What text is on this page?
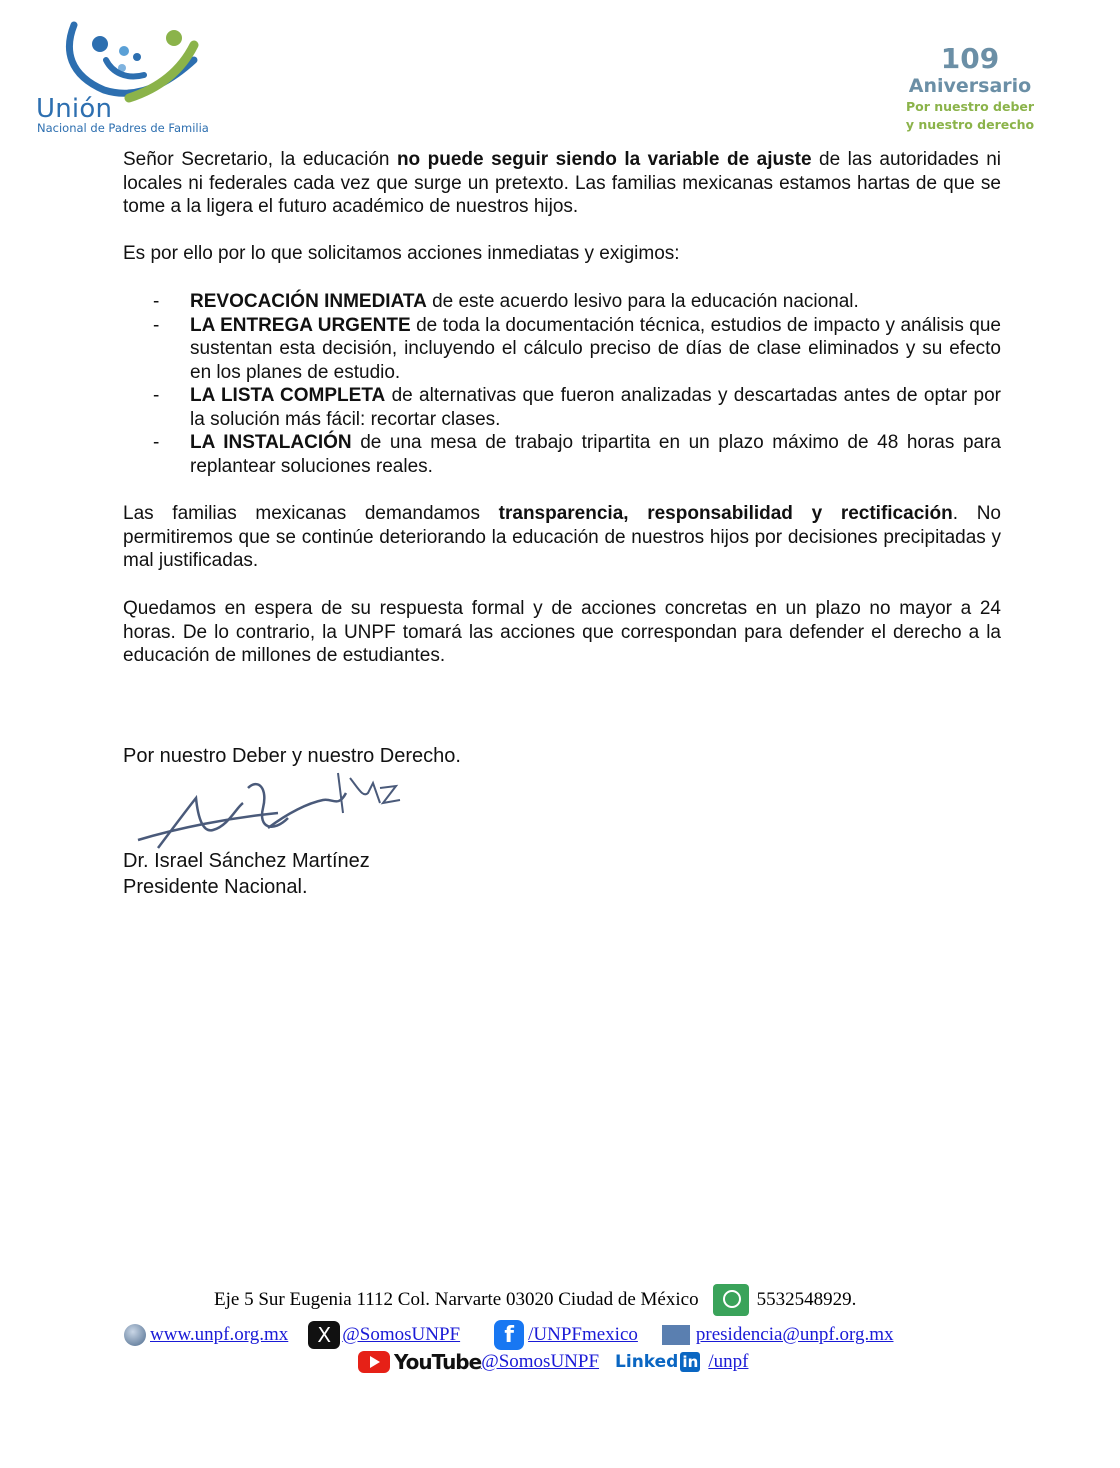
Unión
Nacional de Padres de Familia
109
Aniversario
Por nuestro deber
y nuestro derecho

Señor Secretario, la educación no puede seguir siendo la variable de ajuste de las autoridades ni locales ni federales cada vez que surge un pretexto. Las familias mexicanas estamos hartas de que se tome a la ligera el futuro académico de nuestros hijos.

Es por ello por lo que solicitamos acciones inmediatas y exigimos:

- REVOCACIÓN INMEDIATA de este acuerdo lesivo para la educación nacional.
- LA ENTREGA URGENTE de toda la documentación técnica, estudios de impacto y análisis que sustentan esta decisión, incluyendo el cálculo preciso de días de clase eliminados y su efecto en los planes de estudio.
- LA LISTA COMPLETA de alternativas que fueron analizadas y descartadas antes de optar por la solución más fácil: recortar clases.
- LA INSTALACIÓN de una mesa de trabajo tripartita en un plazo máximo de 48 horas para replantear soluciones reales.

Las familias mexicanas demandamos transparencia, responsabilidad y rectificación. No permitiremos que se continúe deteriorando la educación de nuestros hijos por decisiones precipitadas y mal justificadas.

Quedamos en espera de su respuesta formal y de acciones concretas en un plazo no mayor a 24 horas. De lo contrario, la UNPF tomará las acciones que correspondan para defender el derecho a la educación de millones de estudiantes.

Por nuestro Deber y nuestro Derecho.
Dr. Israel Sánchez Martínez
Presidente Nacional.
Eje 5 Sur Eugenia 1112 Col. Narvarte 03020 Ciudad de México	5532548929.
www.unpf.org.mx	X @SomosUNPF	f /UNPFmexico	presidencia@unpf.org.mx
YouTube @SomosUNPF Linked in /unpf
